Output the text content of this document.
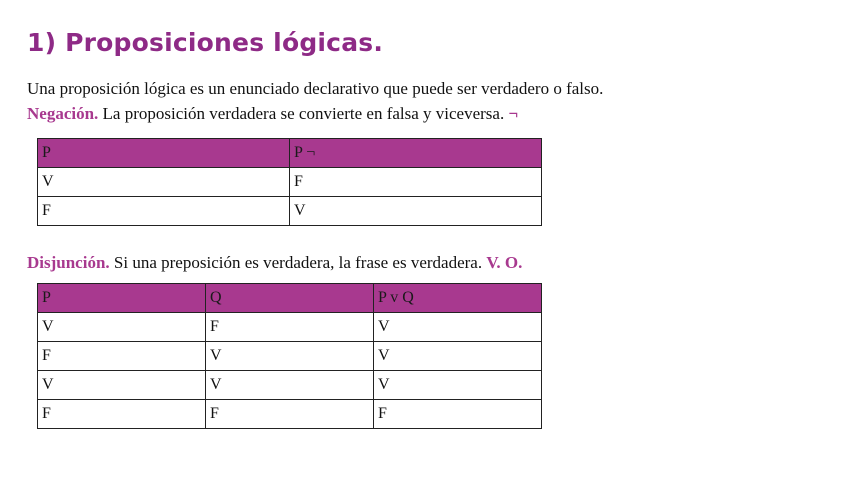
1) Proposiciones lógicas.
Una proposición lógica es un enunciado declarativo que puede ser verdadero o falso.
Negación. La proposición verdadera se convierte en falsa y viceversa. ¬
P	P ¬
V	F
F	V
Disjunción. Si una preposición es verdadera, la frase es verdadera. V. O.
P	Q	P v Q
V	F	V
F	V	V
V	V	V
F	F	F
